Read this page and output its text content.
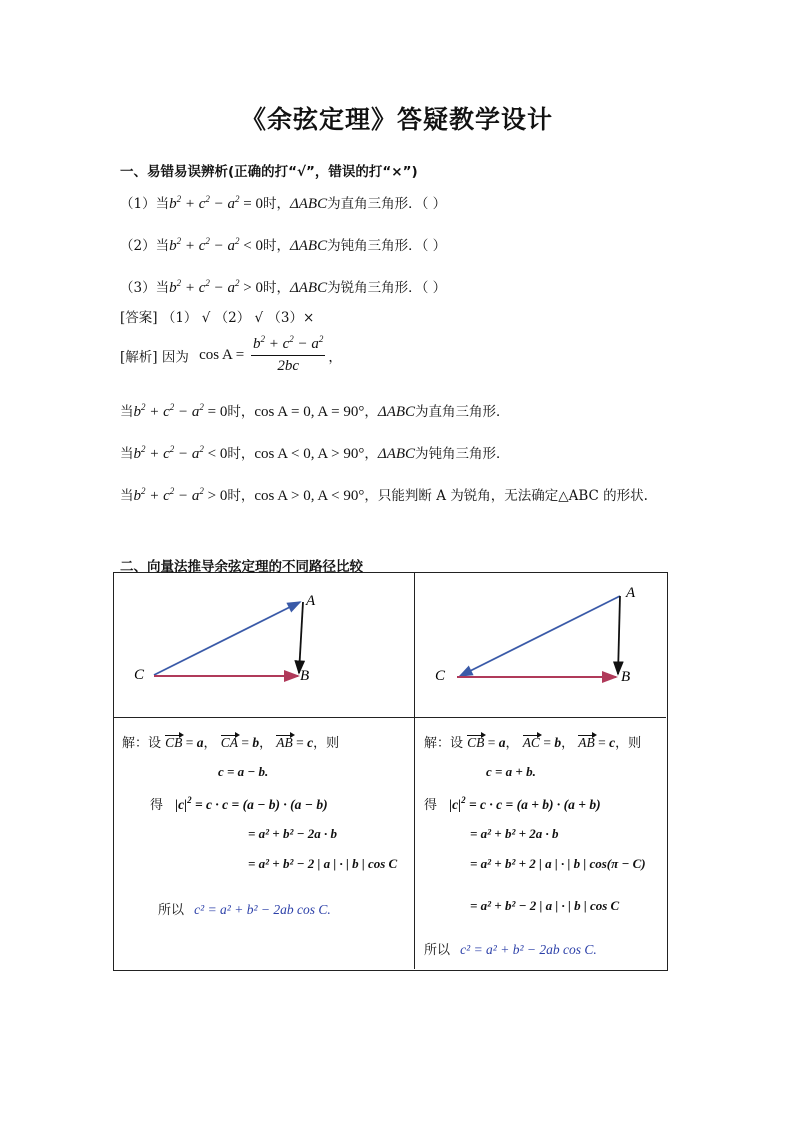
《余弦定理》答疑教学设计
一、易错易误辨析(正确的打“√”，错误的打“×”)
（1）当$b^2 + c^2 - a^2 = 0$时，ΔABC为直角三角形．（ ）
（2）当$b^2 + c^2 - a^2 < 0$时，ΔABC为钝角三角形．（ ）
（3）当$b^2 + c^2 - a^2 > 0$时，ΔABC为锐角三角形．（ ）
[答案] （1） √ （2） √ （3）×
[解析] 因为 $\cos A = \frac{b^2 + c^2 - a^2}{2bc}$ ，
当$b^2 + c^2 - a^2 = 0$时，cos A = 0, A = 90°，ΔABC为直角三角形．
当$b^2 + c^2 - a^2 < 0$时，cos A < 0, A > 90°，ΔABC为钝角三角形．
当$b^2 + c^2 - a^2 > 0$时，cos A > 0, A < 90°，只能判断 A 为锐角，无法确定△ABC 的形状.
二、向量法推导余弦定理的不同路径比较
A
B
C
A
B
C
解：设 CB = a， CA = b， AB = c，则
c = a − b.
得 $|c|^2 = c \cdot c = (a - b) \cdot (a - b)$
= a² + b² − 2a · b
= a² + b² − 2 | a | · | b | cos C
所以 c² = a² + b² − 2ab cos C.
解：设 CB = a， AC = b， AB = c，则
c = a + b.
得 $|c|^2 = c \cdot c = (a + b) \cdot (a + b)$
= a² + b² + 2a · b
= a² + b² + 2 | a | · | b | cos(π − C)
= a² + b² − 2 | a | · | b | cos C
所以 c² = a² + b² − 2ab cos C.
